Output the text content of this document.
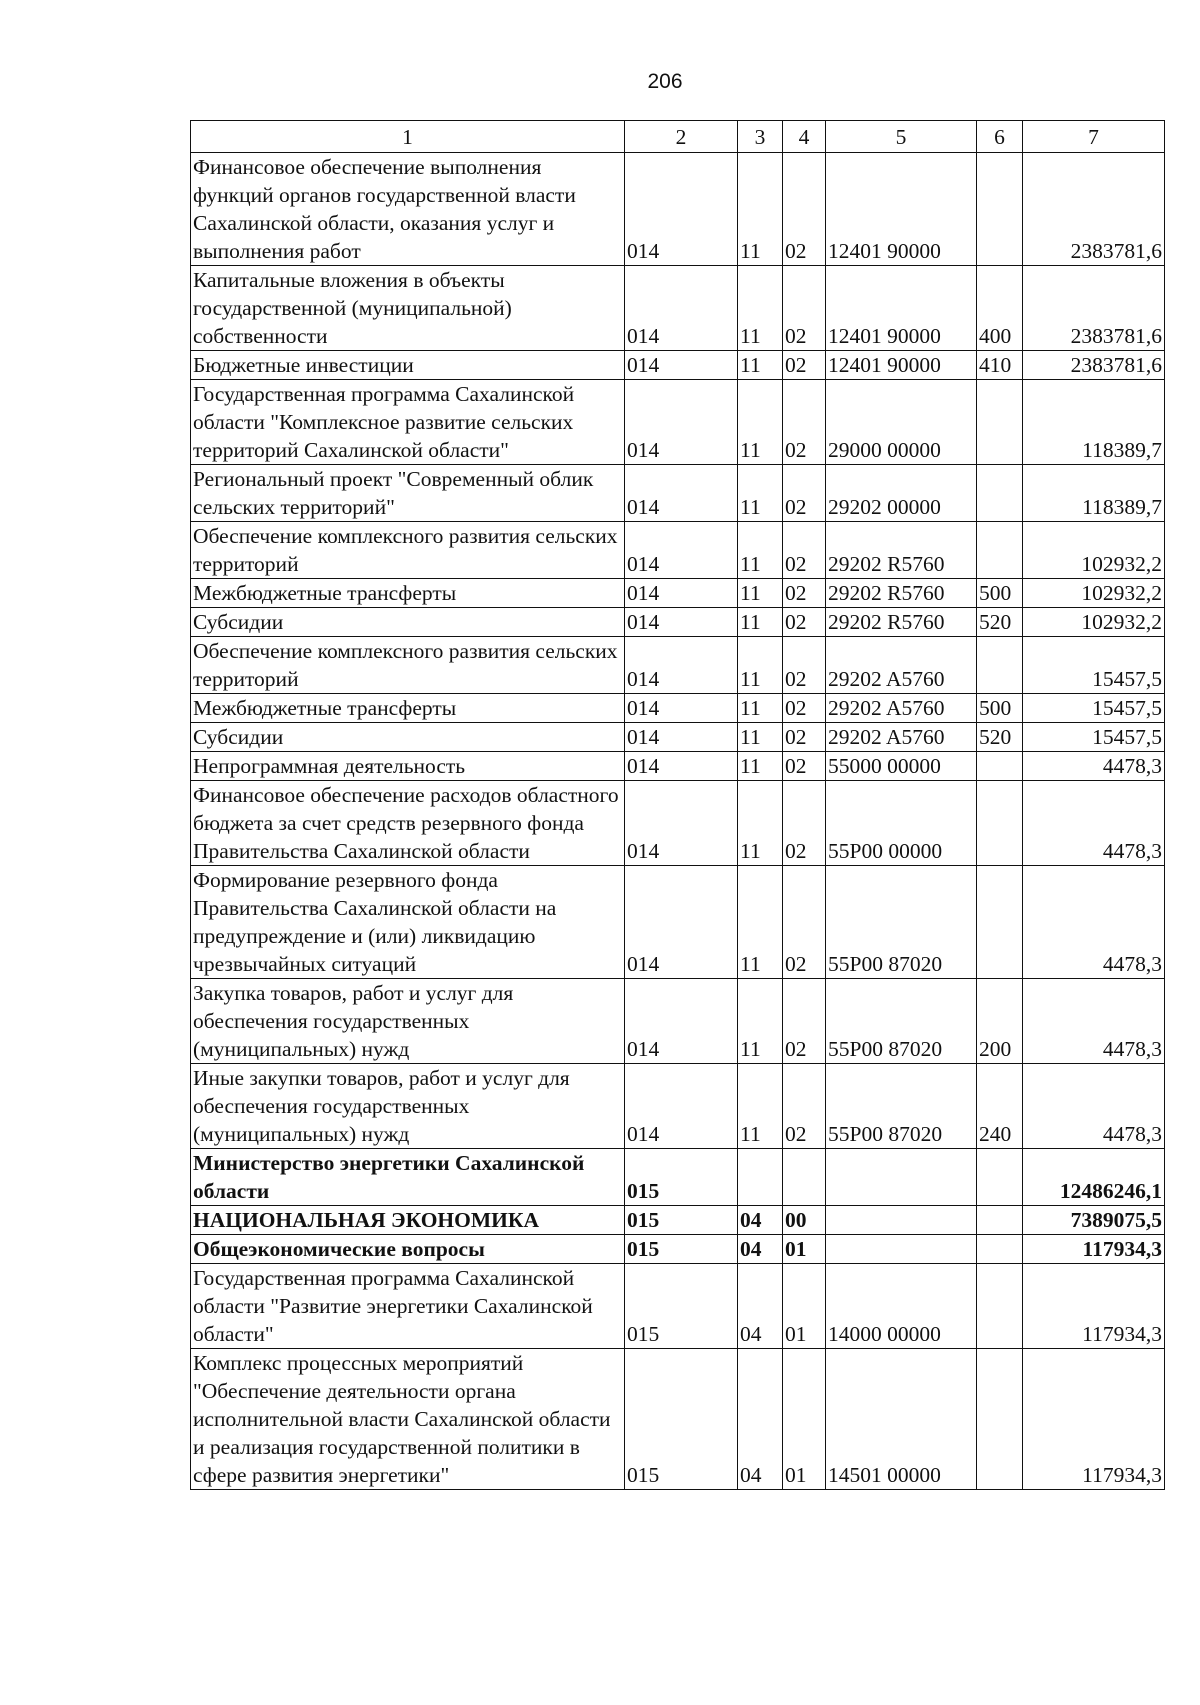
206
1	2	3	4	5	6	7
Финансовое обеспечение выполнения функций органов государственной власти Сахалинской области, оказания услуг и выполнения работ	014	11	02	12401 90000		2383781,6
Капитальные вложения в объекты государственной (муниципальной) собственности	014	11	02	12401 90000	400	2383781,6
Бюджетные инвестиции	014	11	02	12401 90000	410	2383781,6
Государственная программа Сахалинской области "Комплексное развитие сельских территорий Сахалинской области"	014	11	02	29000 00000		118389,7
Региональный проект "Современный облик сельских территорий"	014	11	02	29202 00000		118389,7
Обеспечение комплексного развития сельских территорий	014	11	02	29202 R5760		102932,2
Межбюджетные трансферты	014	11	02	29202 R5760	500	102932,2
Субсидии	014	11	02	29202 R5760	520	102932,2
Обеспечение комплексного развития сельских территорий	014	11	02	29202 A5760		15457,5
Межбюджетные трансферты	014	11	02	29202 A5760	500	15457,5
Субсидии	014	11	02	29202 A5760	520	15457,5
Непрограммная деятельность	014	11	02	55000 00000		4478,3
Финансовое обеспечение расходов областного бюджета за счет средств резервного фонда Правительства Сахалинской области	014	11	02	55P00 00000		4478,3
Формирование резервного фонда Правительства Сахалинской области на предупреждение и (или) ликвидацию чрезвычайных ситуаций	014	11	02	55P00 87020		4478,3
Закупка товаров, работ и услуг для обеспечения государственных (муниципальных) нужд	014	11	02	55P00 87020	200	4478,3
Иные закупки товаров, работ и услуг для обеспечения государственных (муниципальных) нужд	014	11	02	55P00 87020	240	4478,3
Министерство энергетики Сахалинской области	015					12486246,1
НАЦИОНАЛЬНАЯ ЭКОНОМИКА	015	04	00			7389075,5
Общеэкономические вопросы	015	04	01			117934,3
Государственная программа Сахалинской области "Развитие энергетики Сахалинской области"	015	04	01	14000 00000		117934,3
Комплекс процессных мероприятий "Обеспечение деятельности органа исполнительной власти Сахалинской области и реализация государственной политики в сфере развития энергетики"	015	04	01	14501 00000		117934,3
